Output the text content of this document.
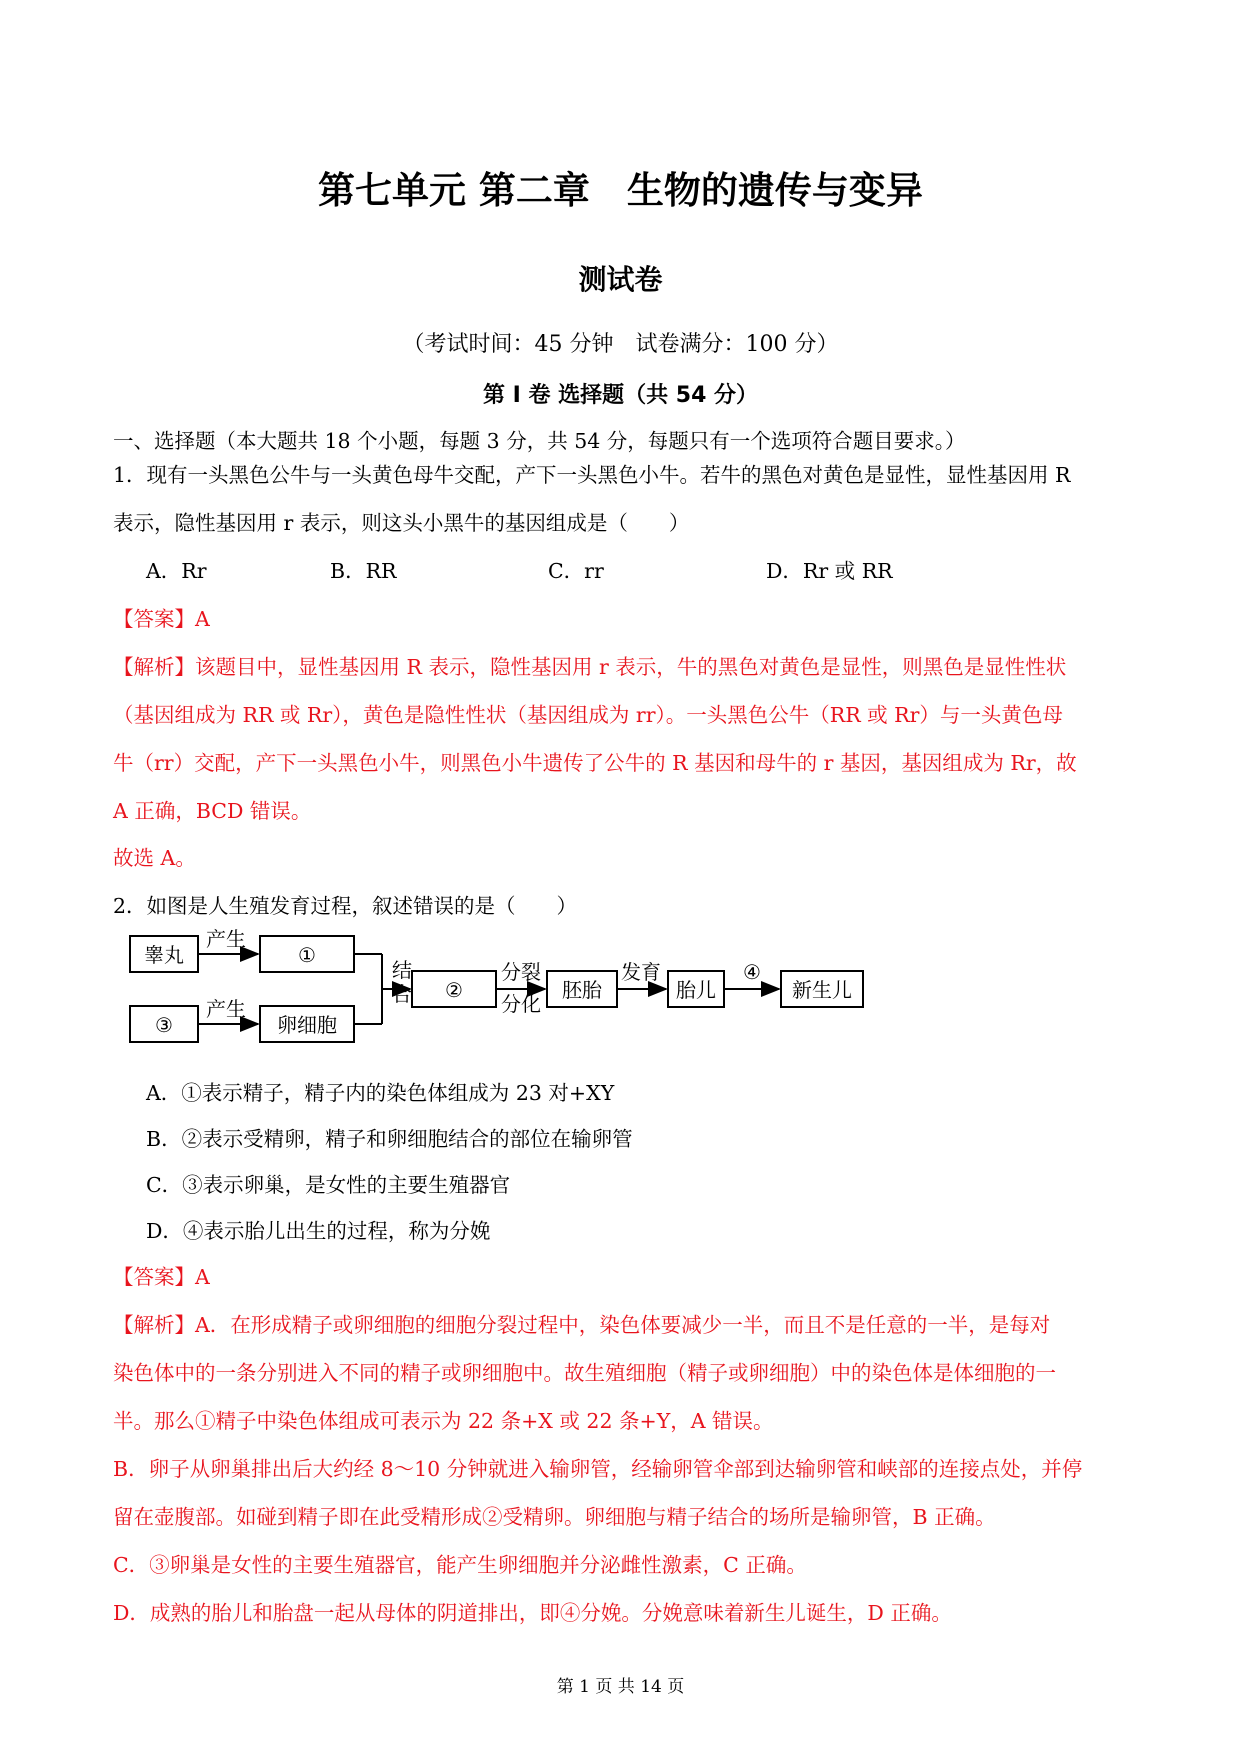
第七单元 第二章　生物的遗传与变异
测试卷
（考试时间：45 分钟　试卷满分：100 分）
第 I 卷 选择题（共 54 分）
一、选择题（本大题共 18 个小题，每题 3 分，共 54 分，每题只有一个选项符合题目要求。）
1．现有一头黑色公牛与一头黄色母牛交配，产下一头黑色小牛。若牛的黑色对黄色是显性，显性基因用 R
表示，隐性基因用 r 表示，则这头小黑牛的基因组成是（　　）
A．Rr	B．RR	C．rr	D．Rr 或 RR
【答案】A
【解析】该题目中，显性基因用 R 表示，隐性基因用 r 表示，牛的黑色对黄色是显性，则黑色是显性性状
（基因组成为 RR 或 Rr），黄色是隐性性状（基因组成为 rr）。一头黑色公牛（RR 或 Rr）与一头黄色母
牛（rr）交配，产下一头黑色小牛，则黑色小牛遗传了公牛的 R 基因和母牛的 r 基因，基因组成为 Rr，故
A 正确，BCD 错误。
故选 A。
2．如图是人生殖发育过程，叙述错误的是（　　）
睾丸
产生
①
③
产生
卵细胞
结
合 ②
分裂
分化
胚胎
发育
胎儿
④
新生儿
A．①表示精子，精子内的染色体组成为 23 对+XY
B．②表示受精卵，精子和卵细胞结合的部位在输卵管
C．③表示卵巢，是女性的主要生殖器官
D．④表示胎儿出生的过程，称为分娩
【答案】A
【解析】A．在形成精子或卵细胞的细胞分裂过程中，染色体要减少一半，而且不是任意的一半，是每对
染色体中的一条分别进入不同的精子或卵细胞中。故生殖细胞（精子或卵细胞）中的染色体是体细胞的一
半。那么①精子中染色体组成可表示为 22 条+X 或 22 条+Y，A 错误。
B．卵子从卵巢排出后大约经 8～10 分钟就进入输卵管，经输卵管伞部到达输卵管和峡部的连接点处，并停
留在壶腹部。如碰到精子即在此受精形成②受精卵。卵细胞与精子结合的场所是输卵管，B 正确。
C．③卵巢是女性的主要生殖器官，能产生卵细胞并分泌雌性激素，C 正确。
D．成熟的胎儿和胎盘一起从母体的阴道排出，即④分娩。分娩意味着新生儿诞生，D 正确。
第 1 页 共 14 页
